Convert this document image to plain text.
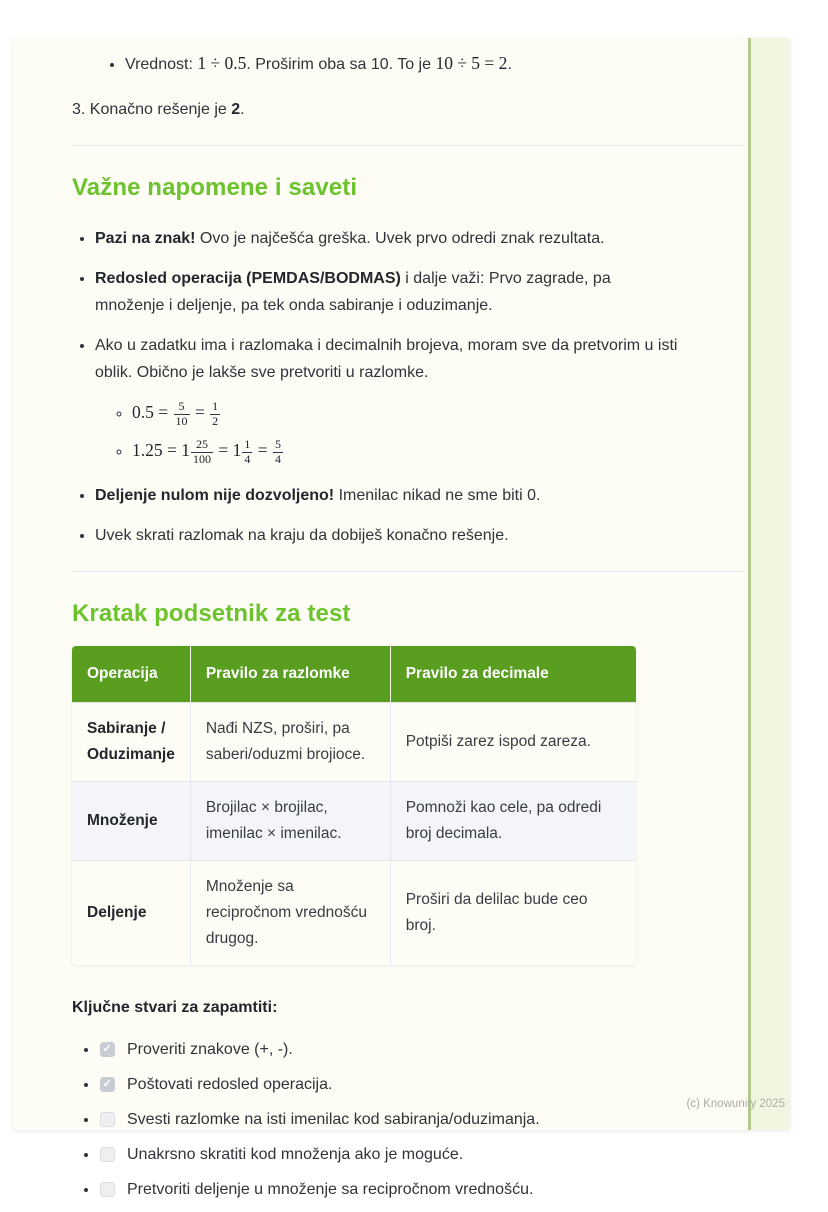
• Vrednost: 1 ÷ 0.5. Proširim oba sa 10. To je 10 ÷ 5 = 2.

3. Konačno rešenje je 2.

Važne napomene i saveti
• Pazi na znak! Ovo je najčešća greška. Uvek prvo odredi znak rezultata.
• Redosled operacija (PEMDAS/BODMAS) i dalje važi: Prvo zagrade, pa množenje i deljenje, pa tek onda sabiranje i oduzimanje.
• Ako u zadatku ima i razlomaka i decimalnih brojeva, moram sve da pretvorim u isti oblik. Obično je lakše sve pretvoriti u razlomke.
◦ $0.5 = \frac{5}{10} = \frac{1}{2}$
◦ $1.25 = 1 \frac{25}{100} = 1 \frac{1}{4} = \frac{5}{4}$
• Deljenje nulom nije dozvoljeno! Imenilac nikad ne sme biti 0.
• Uvek skrati razlomak na kraju da dobiješ konačno rešenje.
Kratak podsetnik za test
Operacija	Pravilo za razlomke	Pravilo za decimale
Sabiranje / Oduzimanje	Nađi NZS, proširi, pa saberi/oduzmi brojioce.	Potpiši zarez ispod zareza.
Množenje	Brojilac × brojilac, imenilac × imenilac.	Pomnoži kao cele, pa odredi broj decimala.
Deljenje	Množenje sa recipročnom vrednošću drugog.	Proširi da delilac bude ceo broj.

Ključne stvari za zapamtiti:

✓• Proveriti znakove (+, -).
✓• Poštovati redosled operacija.
• Svesti razlomke na isti imenilac kod sabiranja/oduzimanja.
• Unakrsno skratiti kod množenja ako je moguće.
• Pretvoriti deljenje u množenje sa recipročnom vrednošću.
(c) Knowunity 2025
